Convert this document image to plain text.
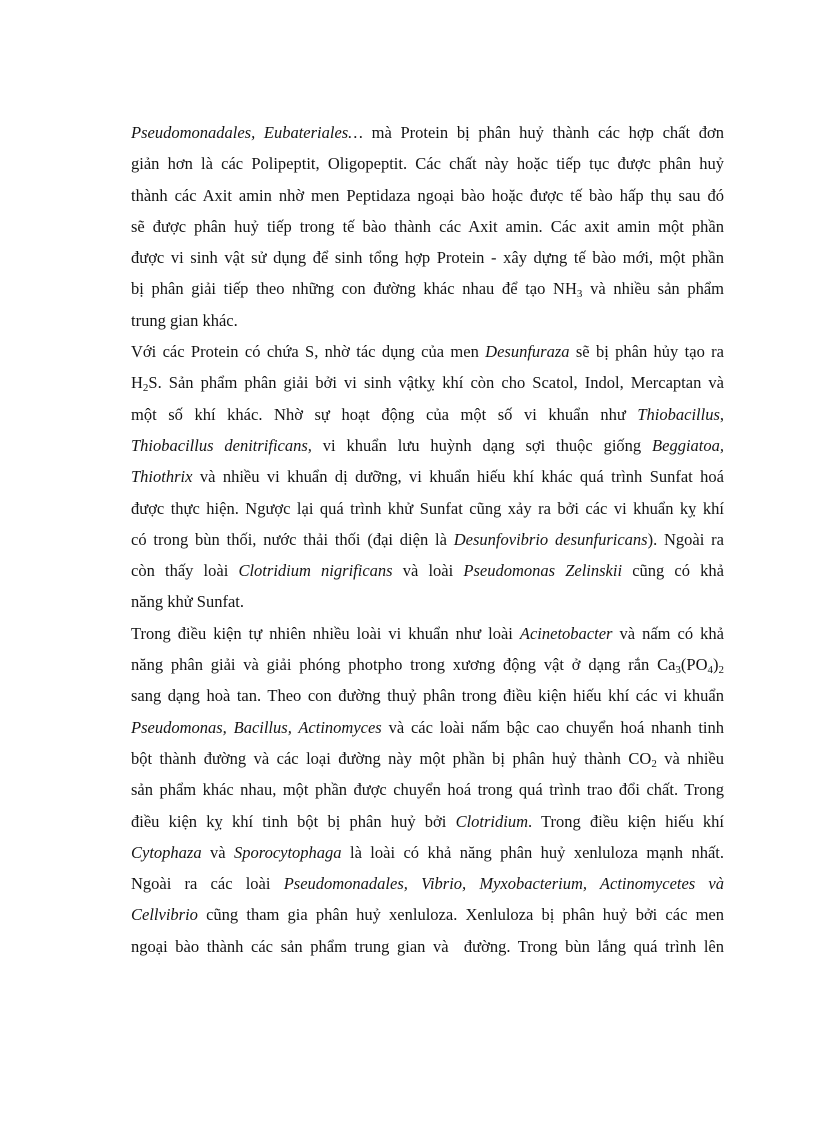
Pseudomonadales, Eubateriales… mà Protein bị phân huỷ thành các hợp chất đơn
giản hơn là các Polipeptit, Oligopeptit. Các chất này hoặc tiếp tục được phân huỷ
thành các Axit amin nhờ men Peptidaza ngoại bào hoặc được tế bào hấp thụ sau đó
sẽ được phân huỷ tiếp trong tế bào thành các Axit amin. Các axit amin một phần
được vi sinh vật sử dụng để sinh tổng hợp Protein - xây dựng tế bào mới, một phần
bị phân giải tiếp theo những con đường khác nhau để tạo $NH_3$ và nhiều sản phẩm
trung gian khác.
Với các Protein có chứa S, nhờ tác dụng của men Desunfuraza sẽ bị phân hủy tạo ra
$H_2S$. Sản phẩm phân giải bởi vi sinh vậtkỵ khí còn cho Scatol, Indol, Mercaptan và
một số khí khác. Nhờ sự hoạt động của một số vi khuẩn như Thiobacillus,
Thiobacillus denitrificans, vi khuẩn lưu huỳnh dạng sợi thuộc giống Beggiatoa,
Thiothrix và nhiều vi khuẩn dị dưỡng, vi khuẩn hiếu khí khác quá trình Sunfat hoá
được thực hiện. Ngược lại quá trình khử Sunfat cũng xảy ra bởi các vi khuẩn kỵ khí
có trong bùn thối, nước thải thối (đại diện là Desunfovibrio desunfuricans). Ngoài ra
còn thấy loài Clotridium nigrificans và loài Pseudomonas Zelinskii cũng có khả
năng khử Sunfat.
Trong điều kiện tự nhiên nhiều loài vi khuẩn như loài Acinetobacter và nấm có khả
năng phân giải và giải phóng photpho trong xương động vật ở dạng rắn $Ca_3(PO_4)_2$
sang dạng hoà tan. Theo con đường thuỷ phân trong điều kiện hiếu khí các vi khuẩn
Pseudomonas, Bacillus, Actinomyces và các loài nấm bậc cao chuyển hoá nhanh tinh
bột thành đường và các loại đường này một phần bị phân huỷ thành $CO_2$ và nhiều
sản phẩm khác nhau, một phần được chuyển hoá trong quá trình trao đổi chất. Trong
điều kiện kỵ khí tinh bột bị phân huỷ bởi Clotridium. Trong điều kiện hiếu khí
Cytophaza và Sporocytophaga là loài có khả năng phân huỷ xenluloza mạnh nhất.
Ngoài ra các loài Pseudomonadales, Vibrio, Myxobacterium, Actinomycetes và
Cellvibrio cũng tham gia phân huỷ xenluloza. Xenluloza bị phân huỷ bởi các men
ngoại bào thành các sản phẩm trung gian và  đường. Trong bùn lắng quá trình lên
